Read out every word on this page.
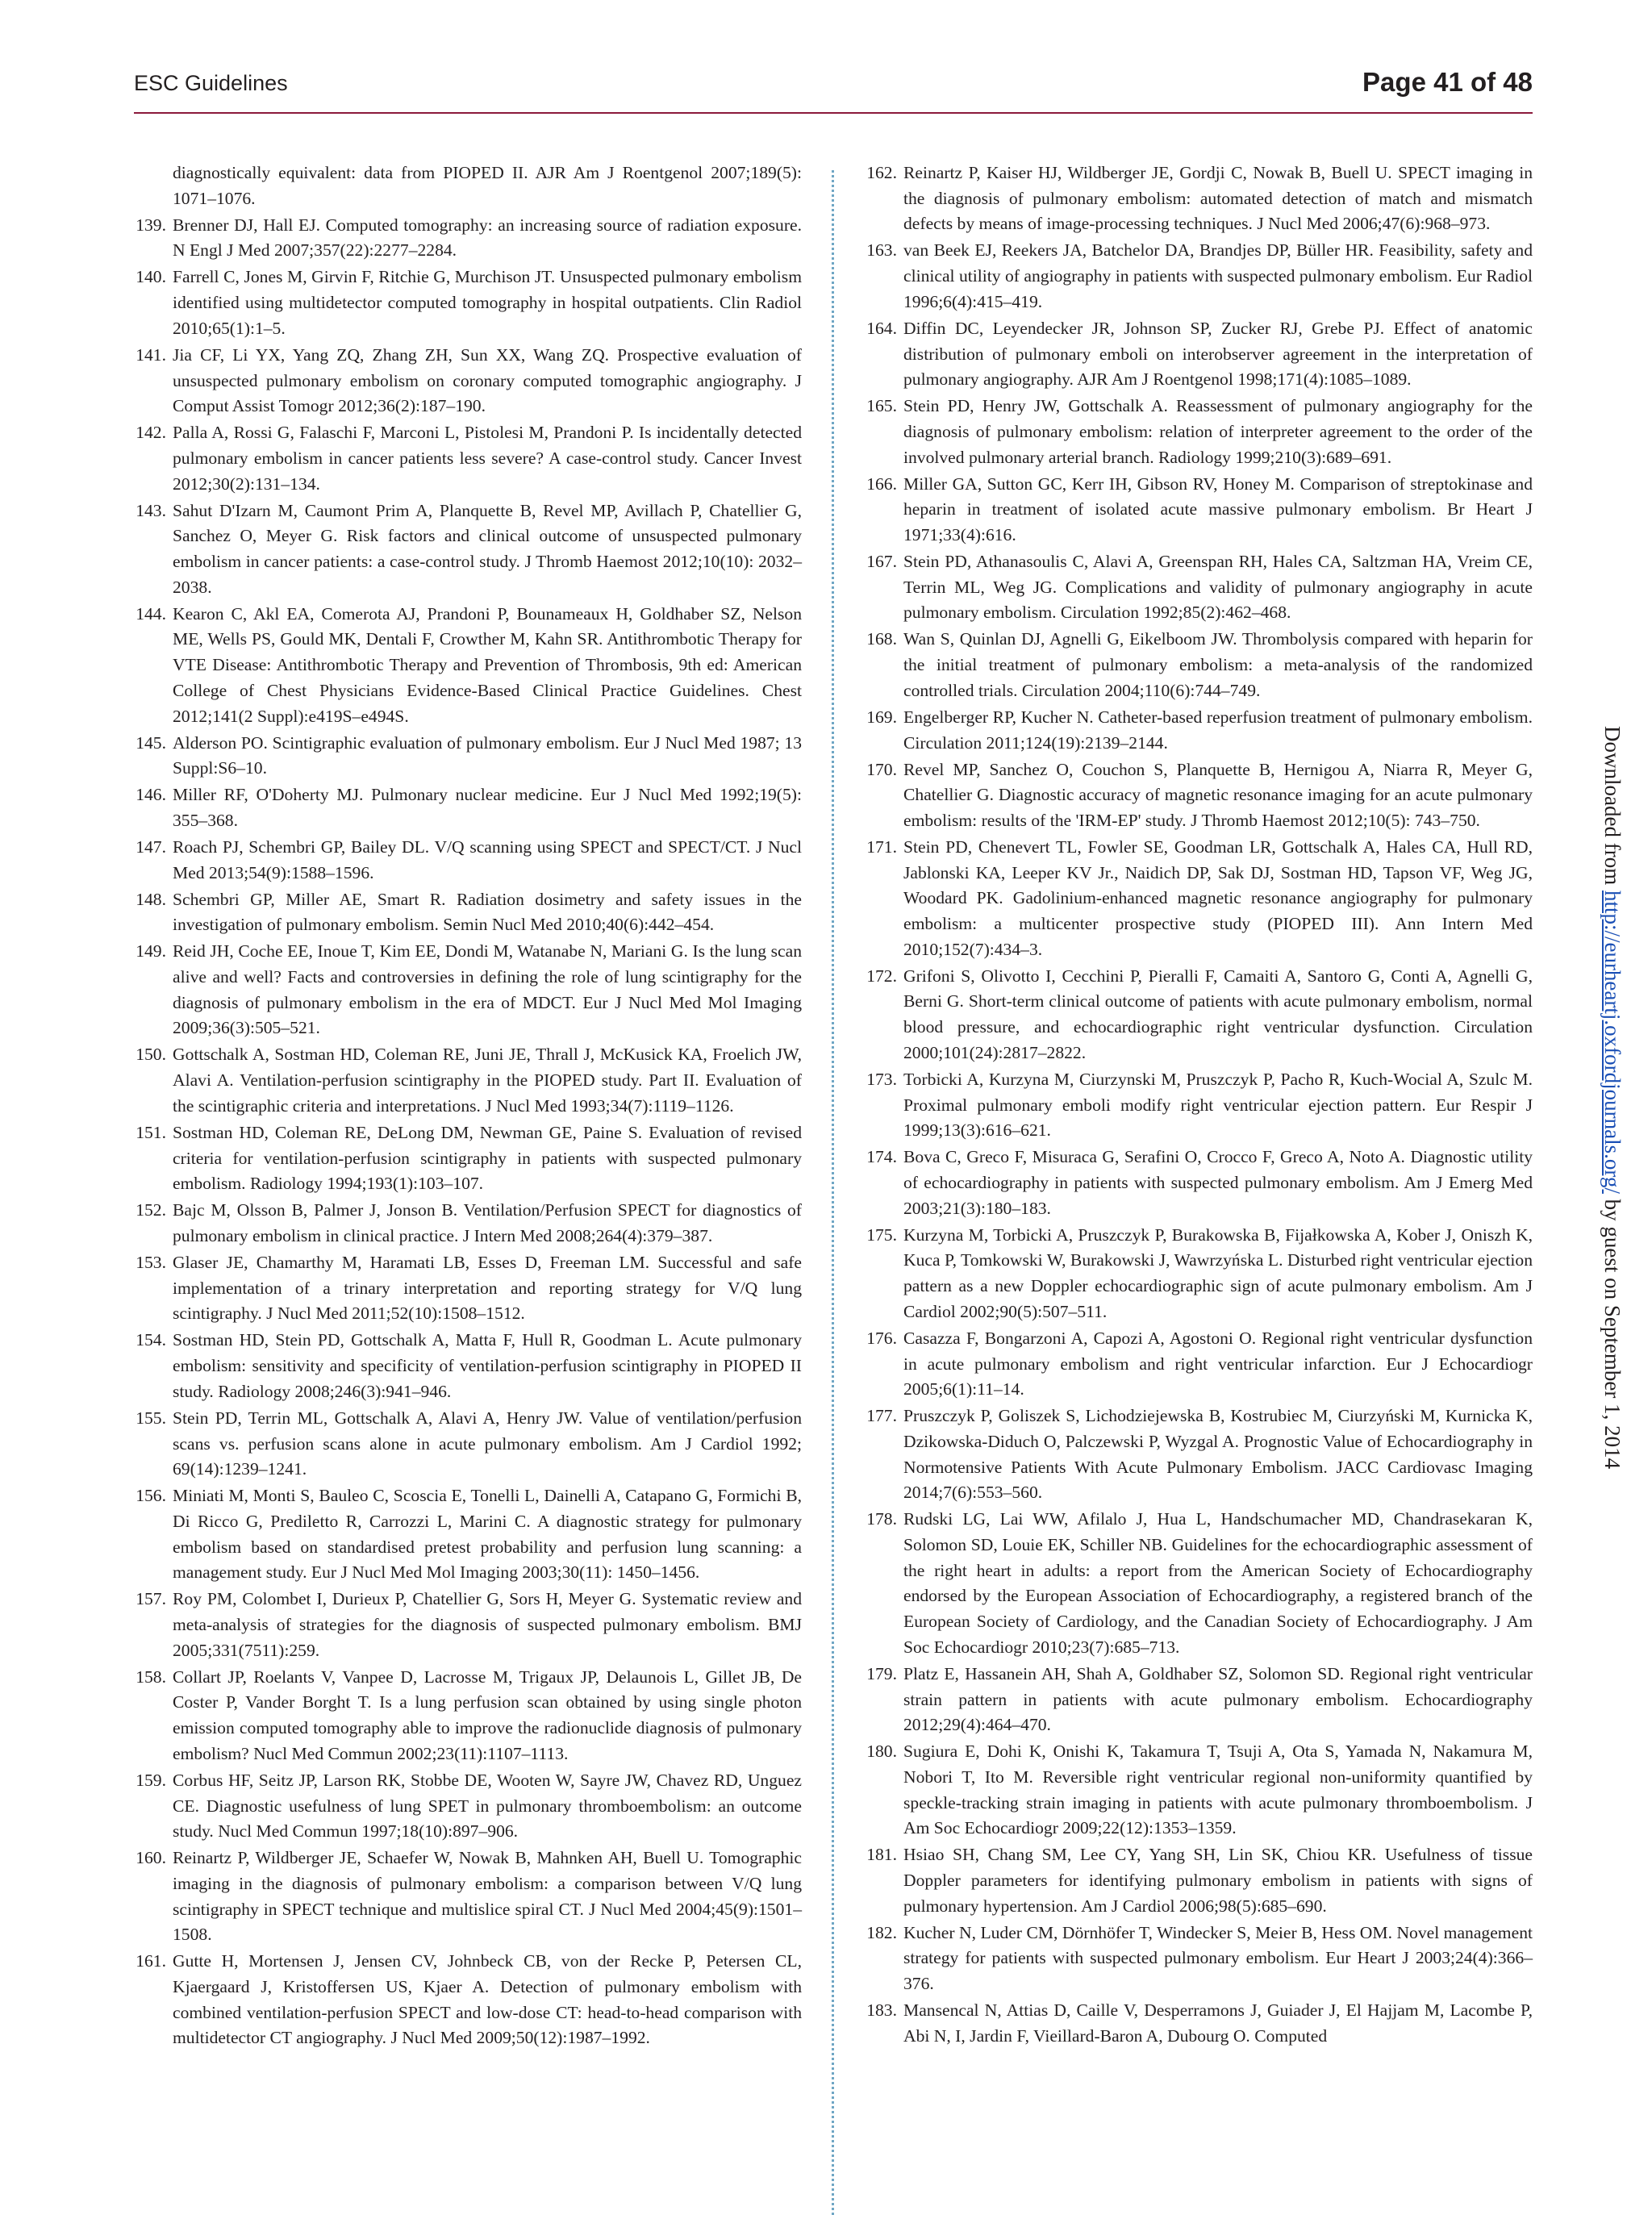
ESC Guidelines	Page 41 of 48
diagnostically equivalent: data from PIOPED II. AJR Am J Roentgenol 2007;189(5): 1071–1076.
139. Brenner DJ, Hall EJ. Computed tomography: an increasing source of radiation exposure. N Engl J Med 2007;357(22):2277–2284.
140. Farrell C, Jones M, Girvin F, Ritchie G, Murchison JT. Unsuspected pulmonary embolism identified using multidetector computed tomography in hospital outpatients. Clin Radiol 2010;65(1):1–5.
141. Jia CF, Li YX, Yang ZQ, Zhang ZH, Sun XX, Wang ZQ. Prospective evaluation of unsuspected pulmonary embolism on coronary computed tomographic angiography. J Comput Assist Tomogr 2012;36(2):187–190.
142. Palla A, Rossi G, Falaschi F, Marconi L, Pistolesi M, Prandoni P. Is incidentally detected pulmonary embolism in cancer patients less severe? A case-control study. Cancer Invest 2012;30(2):131–134.
143. Sahut D'Izarn M, Caumont Prim A, Planquette B, Revel MP, Avillach P, Chatellier G, Sanchez O, Meyer G. Risk factors and clinical outcome of unsuspected pulmonary embolism in cancer patients: a case-control study. J Thromb Haemost 2012;10(10): 2032–2038.
144. Kearon C, Akl EA, Comerota AJ, Prandoni P, Bounameaux H, Goldhaber SZ, Nelson ME, Wells PS, Gould MK, Dentali F, Crowther M, Kahn SR. Antithrombotic Therapy for VTE Disease: Antithrombotic Therapy and Prevention of Thrombosis, 9th ed: American College of Chest Physicians Evidence-Based Clinical Practice Guidelines. Chest 2012;141(2 Suppl):e419S–e494S.
145. Alderson PO. Scintigraphic evaluation of pulmonary embolism. Eur J Nucl Med 1987; 13 Suppl:S6–10.
146. Miller RF, O'Doherty MJ. Pulmonary nuclear medicine. Eur J Nucl Med 1992;19(5): 355–368.
147. Roach PJ, Schembri GP, Bailey DL. V/Q scanning using SPECT and SPECT/CT. J Nucl Med 2013;54(9):1588–1596.
148. Schembri GP, Miller AE, Smart R. Radiation dosimetry and safety issues in the investigation of pulmonary embolism. Semin Nucl Med 2010;40(6):442–454.
149. Reid JH, Coche EE, Inoue T, Kim EE, Dondi M, Watanabe N, Mariani G. Is the lung scan alive and well? Facts and controversies in defining the role of lung scintigraphy for the diagnosis of pulmonary embolism in the era of MDCT. Eur J Nucl Med Mol Imaging 2009;36(3):505–521.
150. Gottschalk A, Sostman HD, Coleman RE, Juni JE, Thrall J, McKusick KA, Froelich JW, Alavi A. Ventilation-perfusion scintigraphy in the PIOPED study. Part II. Evaluation of the scintigraphic criteria and interpretations. J Nucl Med 1993;34(7):1119–1126.
151. Sostman HD, Coleman RE, DeLong DM, Newman GE, Paine S. Evaluation of revised criteria for ventilation-perfusion scintigraphy in patients with suspected pulmonary embolism. Radiology 1994;193(1):103–107.
152. Bajc M, Olsson B, Palmer J, Jonson B. Ventilation/Perfusion SPECT for diagnostics of pulmonary embolism in clinical practice. J Intern Med 2008;264(4):379–387.
153. Glaser JE, Chamarthy M, Haramati LB, Esses D, Freeman LM. Successful and safe implementation of a trinary interpretation and reporting strategy for V/Q lung scintigraphy. J Nucl Med 2011;52(10):1508–1512.
154. Sostman HD, Stein PD, Gottschalk A, Matta F, Hull R, Goodman L. Acute pulmonary embolism: sensitivity and specificity of ventilation-perfusion scintigraphy in PIOPED II study. Radiology 2008;246(3):941–946.
155. Stein PD, Terrin ML, Gottschalk A, Alavi A, Henry JW. Value of ventilation/perfusion scans vs. perfusion scans alone in acute pulmonary embolism. Am J Cardiol 1992; 69(14):1239–1241.
156. Miniati M, Monti S, Bauleo C, Scoscia E, Tonelli L, Dainelli A, Catapano G, Formichi B, Di Ricco G, Prediletto R, Carrozzi L, Marini C. A diagnostic strategy for pulmonary embolism based on standardised pretest probability and perfusion lung scanning: a management study. Eur J Nucl Med Mol Imaging 2003;30(11): 1450–1456.
157. Roy PM, Colombet I, Durieux P, Chatellier G, Sors H, Meyer G. Systematic review and meta-analysis of strategies for the diagnosis of suspected pulmonary embolism. BMJ 2005;331(7511):259.
158. Collart JP, Roelants V, Vanpee D, Lacrosse M, Trigaux JP, Delaunois L, Gillet JB, De Coster P, Vander Borght T. Is a lung perfusion scan obtained by using single photon emission computed tomography able to improve the radionuclide diagnosis of pulmonary embolism? Nucl Med Commun 2002;23(11):1107–1113.
159. Corbus HF, Seitz JP, Larson RK, Stobbe DE, Wooten W, Sayre JW, Chavez RD, Unguez CE. Diagnostic usefulness of lung SPET in pulmonary thromboembolism: an outcome study. Nucl Med Commun 1997;18(10):897–906.
160. Reinartz P, Wildberger JE, Schaefer W, Nowak B, Mahnken AH, Buell U. Tomographic imaging in the diagnosis of pulmonary embolism: a comparison between V/Q lung scintigraphy in SPECT technique and multislice spiral CT. J Nucl Med 2004;45(9):1501–1508.
161. Gutte H, Mortensen J, Jensen CV, Johnbeck CB, von der Recke P, Petersen CL, Kjaergaard J, Kristoffersen US, Kjaer A. Detection of pulmonary embolism with combined ventilation-perfusion SPECT and low-dose CT: head-to-head comparison with multidetector CT angiography. J Nucl Med 2009;50(12):1987–1992.
162. Reinartz P, Kaiser HJ, Wildberger JE, Gordji C, Nowak B, Buell U. SPECT imaging in the diagnosis of pulmonary embolism: automated detection of match and mismatch defects by means of image-processing techniques. J Nucl Med 2006;47(6):968–973.
163. van Beek EJ, Reekers JA, Batchelor DA, Brandjes DP, Büller HR. Feasibility, safety and clinical utility of angiography in patients with suspected pulmonary embolism. Eur Radiol 1996;6(4):415–419.
164. Diffin DC, Leyendecker JR, Johnson SP, Zucker RJ, Grebe PJ. Effect of anatomic distribution of pulmonary emboli on interobserver agreement in the interpretation of pulmonary angiography. AJR Am J Roentgenol 1998;171(4):1085–1089.
165. Stein PD, Henry JW, Gottschalk A. Reassessment of pulmonary angiography for the diagnosis of pulmonary embolism: relation of interpreter agreement to the order of the involved pulmonary arterial branch. Radiology 1999;210(3):689–691.
166. Miller GA, Sutton GC, Kerr IH, Gibson RV, Honey M. Comparison of streptokinase and heparin in treatment of isolated acute massive pulmonary embolism. Br Heart J 1971;33(4):616.
167. Stein PD, Athanasoulis C, Alavi A, Greenspan RH, Hales CA, Saltzman HA, Vreim CE, Terrin ML, Weg JG. Complications and validity of pulmonary angiography in acute pulmonary embolism. Circulation 1992;85(2):462–468.
168. Wan S, Quinlan DJ, Agnelli G, Eikelboom JW. Thrombolysis compared with heparin for the initial treatment of pulmonary embolism: a meta-analysis of the randomized controlled trials. Circulation 2004;110(6):744–749.
169. Engelberger RP, Kucher N. Catheter-based reperfusion treatment of pulmonary embolism. Circulation 2011;124(19):2139–2144.
170. Revel MP, Sanchez O, Couchon S, Planquette B, Hernigou A, Niarra R, Meyer G, Chatellier G. Diagnostic accuracy of magnetic resonance imaging for an acute pulmonary embolism: results of the 'IRM-EP' study. J Thromb Haemost 2012;10(5): 743–750.
171. Stein PD, Chenevert TL, Fowler SE, Goodman LR, Gottschalk A, Hales CA, Hull RD, Jablonski KA, Leeper KV Jr., Naidich DP, Sak DJ, Sostman HD, Tapson VF, Weg JG, Woodard PK. Gadolinium-enhanced magnetic resonance angiography for pulmonary embolism: a multicenter prospective study (PIOPED III). Ann Intern Med 2010;152(7):434–3.
172. Grifoni S, Olivotto I, Cecchini P, Pieralli F, Camaiti A, Santoro G, Conti A, Agnelli G, Berni G. Short-term clinical outcome of patients with acute pulmonary embolism, normal blood pressure, and echocardiographic right ventricular dysfunction. Circulation 2000;101(24):2817–2822.
173. Torbicki A, Kurzyna M, Ciurzynski M, Pruszczyk P, Pacho R, Kuch-Wocial A, Szulc M. Proximal pulmonary emboli modify right ventricular ejection pattern. Eur Respir J 1999;13(3):616–621.
174. Bova C, Greco F, Misuraca G, Serafini O, Crocco F, Greco A, Noto A. Diagnostic utility of echocardiography in patients with suspected pulmonary embolism. Am J Emerg Med 2003;21(3):180–183.
175. Kurzyna M, Torbicki A, Pruszczyk P, Burakowska B, Fijałkowska A, Kober J, Oniszh K, Kuca P, Tomkowski W, Burakowski J, Wawrzyńska L. Disturbed right ventricular ejection pattern as a new Doppler echocardiographic sign of acute pulmonary embolism. Am J Cardiol 2002;90(5):507–511.
176. Casazza F, Bongarzoni A, Capozi A, Agostoni O. Regional right ventricular dysfunction in acute pulmonary embolism and right ventricular infarction. Eur J Echocardiogr 2005;6(1):11–14.
177. Pruszczyk P, Goliszek S, Lichodziejewska B, Kostrubiec M, Ciurzyński M, Kurnicka K, Dzikowska-Diduch O, Palczewski P, Wyzgal A. Prognostic Value of Echocardiography in Normotensive Patients With Acute Pulmonary Embolism. JACC Cardiovasc Imaging 2014;7(6):553–560.
178. Rudski LG, Lai WW, Afilalo J, Hua L, Handschumacher MD, Chandrasekaran K, Solomon SD, Louie EK, Schiller NB. Guidelines for the echocardiographic assessment of the right heart in adults: a report from the American Society of Echocardiography endorsed by the European Association of Echocardiography, a registered branch of the European Society of Cardiology, and the Canadian Society of Echocardiography. J Am Soc Echocardiogr 2010;23(7):685–713.
179. Platz E, Hassanein AH, Shah A, Goldhaber SZ, Solomon SD. Regional right ventricular strain pattern in patients with acute pulmonary embolism. Echocardiography 2012;29(4):464–470.
180. Sugiura E, Dohi K, Onishi K, Takamura T, Tsuji A, Ota S, Yamada N, Nakamura M, Nobori T, Ito M. Reversible right ventricular regional non-uniformity quantified by speckle-tracking strain imaging in patients with acute pulmonary thromboembolism. J Am Soc Echocardiogr 2009;22(12):1353–1359.
181. Hsiao SH, Chang SM, Lee CY, Yang SH, Lin SK, Chiou KR. Usefulness of tissue Doppler parameters for identifying pulmonary embolism in patients with signs of pulmonary hypertension. Am J Cardiol 2006;98(5):685–690.
182. Kucher N, Luder CM, Dörnhöfer T, Windecker S, Meier B, Hess OM. Novel management strategy for patients with suspected pulmonary embolism. Eur Heart J 2003;24(4):366–376.
183. Mansencal N, Attias D, Caille V, Desperramons J, Guiader J, El Hajjam M, Lacombe P, Abi N, I, Jardin F, Vieillard-Baron A, Dubourg O. Computed
Downloaded from http://eurheartj.oxfordjournals.org/ by guest on September 1, 2014
